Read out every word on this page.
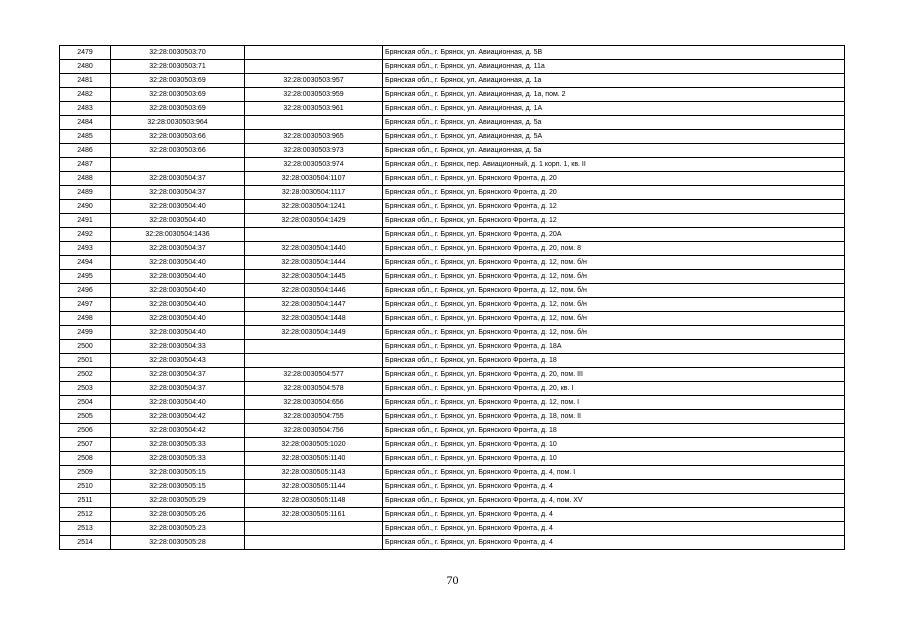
2479	32:28:0030503:70		Брянская обл., г. Брянск, ул. Авиационная, д. 5В
2480	32:28:0030503:71		Брянская обл., г. Брянск, ул. Авиационная, д. 11а
2481	32:28:0030503:69	32:28:0030503:957	Брянская обл., г. Брянск, ул. Авиационная, д. 1а
2482	32:28:0030503:69	32:28:0030503:959	Брянская обл., г. Брянск, ул. Авиационная, д. 1а, пом. 2
2483	32:28:0030503:69	32:28:0030503:961	Брянская обл., г. Брянск, ул. Авиационная, д. 1А
2484	32:28:0030503:964		Брянская обл., г. Брянск, ул. Авиационная, д. 5а
2485	32:28:0030503:66	32:28:0030503:965	Брянская обл., г. Брянск, ул. Авиационная, д. 5А
2486	32:28:0030503:66	32:28:0030503:973	Брянская обл., г. Брянск, ул. Авиационная, д. 5а
2487		32:28:0030503:974	Брянская обл., г. Брянск, пер. Авиационный, д. 1 корп. 1, кв. II
2488	32:28:0030504:37	32:28:0030504:1107	Брянская обл., г. Брянск, ул. Брянского Фронта, д. 20
2489	32:28:0030504:37	32:28:0030504:1117	Брянская обл., г. Брянск, ул. Брянского Фронта, д. 20
2490	32:28:0030504:40	32:28:0030504:1241	Брянская обл., г. Брянск, ул. Брянского Фронта, д. 12
2491	32:28:0030504:40	32:28:0030504:1429	Брянская обл., г. Брянск, ул. Брянского Фронта, д. 12
2492	32:28:0030504:1436		Брянская обл., г. Брянск, ул. Брянского Фронта, д. 20А
2493	32:28:0030504:37	32:28:0030504:1440	Брянская обл., г. Брянск, ул. Брянского Фронта, д. 20, пом. 8
2494	32:28:0030504:40	32:28:0030504:1444	Брянская обл., г. Брянск, ул. Брянского Фронта, д. 12, пом. б/н
2495	32:28:0030504:40	32:28:0030504:1445	Брянская обл., г. Брянск, ул. Брянского Фронта, д. 12, пом. б/н
2496	32:28:0030504:40	32:28:0030504:1446	Брянская обл., г. Брянск, ул. Брянского Фронта, д. 12, пом. б/н
2497	32:28:0030504:40	32:28:0030504:1447	Брянская обл., г. Брянск, ул. Брянского Фронта, д. 12, пом. б/н
2498	32:28:0030504:40	32:28:0030504:1448	Брянская обл., г. Брянск, ул. Брянского Фронта, д. 12, пом. б/н
2499	32:28:0030504:40	32:28:0030504:1449	Брянская обл., г. Брянск, ул. Брянского Фронта, д. 12, пом. б/н
2500	32:28:0030504:33		Брянская обл., г. Брянск, ул. Брянского Фронта, д. 18А
2501	32:28:0030504:43		Брянская обл., г. Брянск, ул. Брянского Фронта, д. 18
2502	32:28:0030504:37	32:28:0030504:577	Брянская обл., г. Брянск, ул. Брянского Фронта, д. 20, пом. III
2503	32:28:0030504:37	32:28:0030504:578	Брянская обл., г. Брянск, ул. Брянского Фронта, д. 20, кв. I
2504	32:28:0030504:40	32:28:0030504:656	Брянская обл., г. Брянск, ул. Брянского Фронта, д. 12, пом. I
2505	32:28:0030504:42	32:28:0030504:755	Брянская обл., г. Брянск, ул. Брянского Фронта, д. 18, пом. II
2506	32:28:0030504:42	32:28:0030504:756	Брянская обл., г. Брянск, ул. Брянского Фронта, д. 18
2507	32:28:0030505:33	32:28:0030505:1020	Брянская обл., г. Брянск, ул. Брянского Фронта, д. 10
2508	32:28:0030505:33	32:28:0030505:1140	Брянская обл., г. Брянск, ул. Брянского Фронта, д. 10
2509	32:28:0030505:15	32:28:0030505:1143	Брянская обл., г. Брянск, ул. Брянского Фронта, д. 4, пом. I
2510	32:28:0030505:15	32:28:0030505:1144	Брянская обл., г. Брянск, ул. Брянского Фронта, д. 4
2511	32:28:0030505:29	32:28:0030505:1148	Брянская обл., г. Брянск, ул. Брянского Фронта, д. 4, пом. XV
2512	32:28:0030505:26	32:28:0030505:1161	Брянская обл., г. Брянск, ул. Брянского Фронта, д. 4
2513	32:28:0030505:23		Брянская обл., г. Брянск, ул. Брянского Фронта, д. 4
2514	32:28:0030505:28		Брянская обл., г. Брянск, ул. Брянского Фронта, д. 4
70
